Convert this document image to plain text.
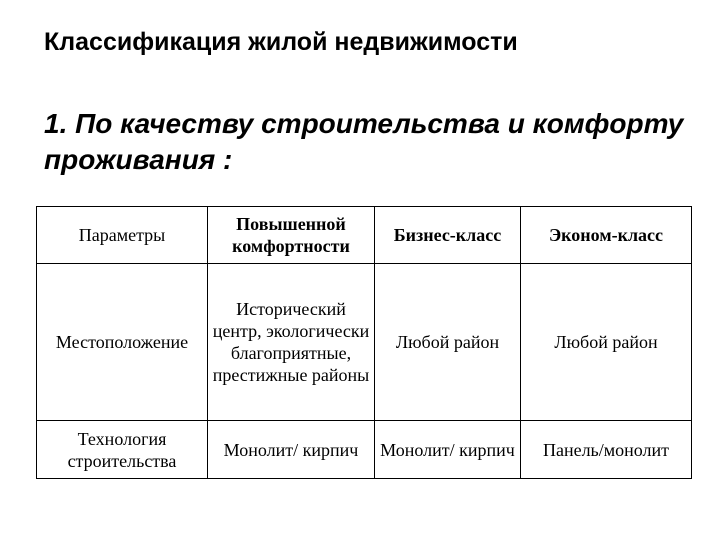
Классификация жилой недвижимости
1. По качеству строительства и комфорту проживания :
Параметры	Повышенной комфортности	Бизнес-класс	Эконом-класс
Местоположение	Исторический центр, экологически благоприятные, престижные районы	Любой район	Любой район
Технология строительства	Монолит/ кирпич	Монолит/ кирпич	Панель/монолит
